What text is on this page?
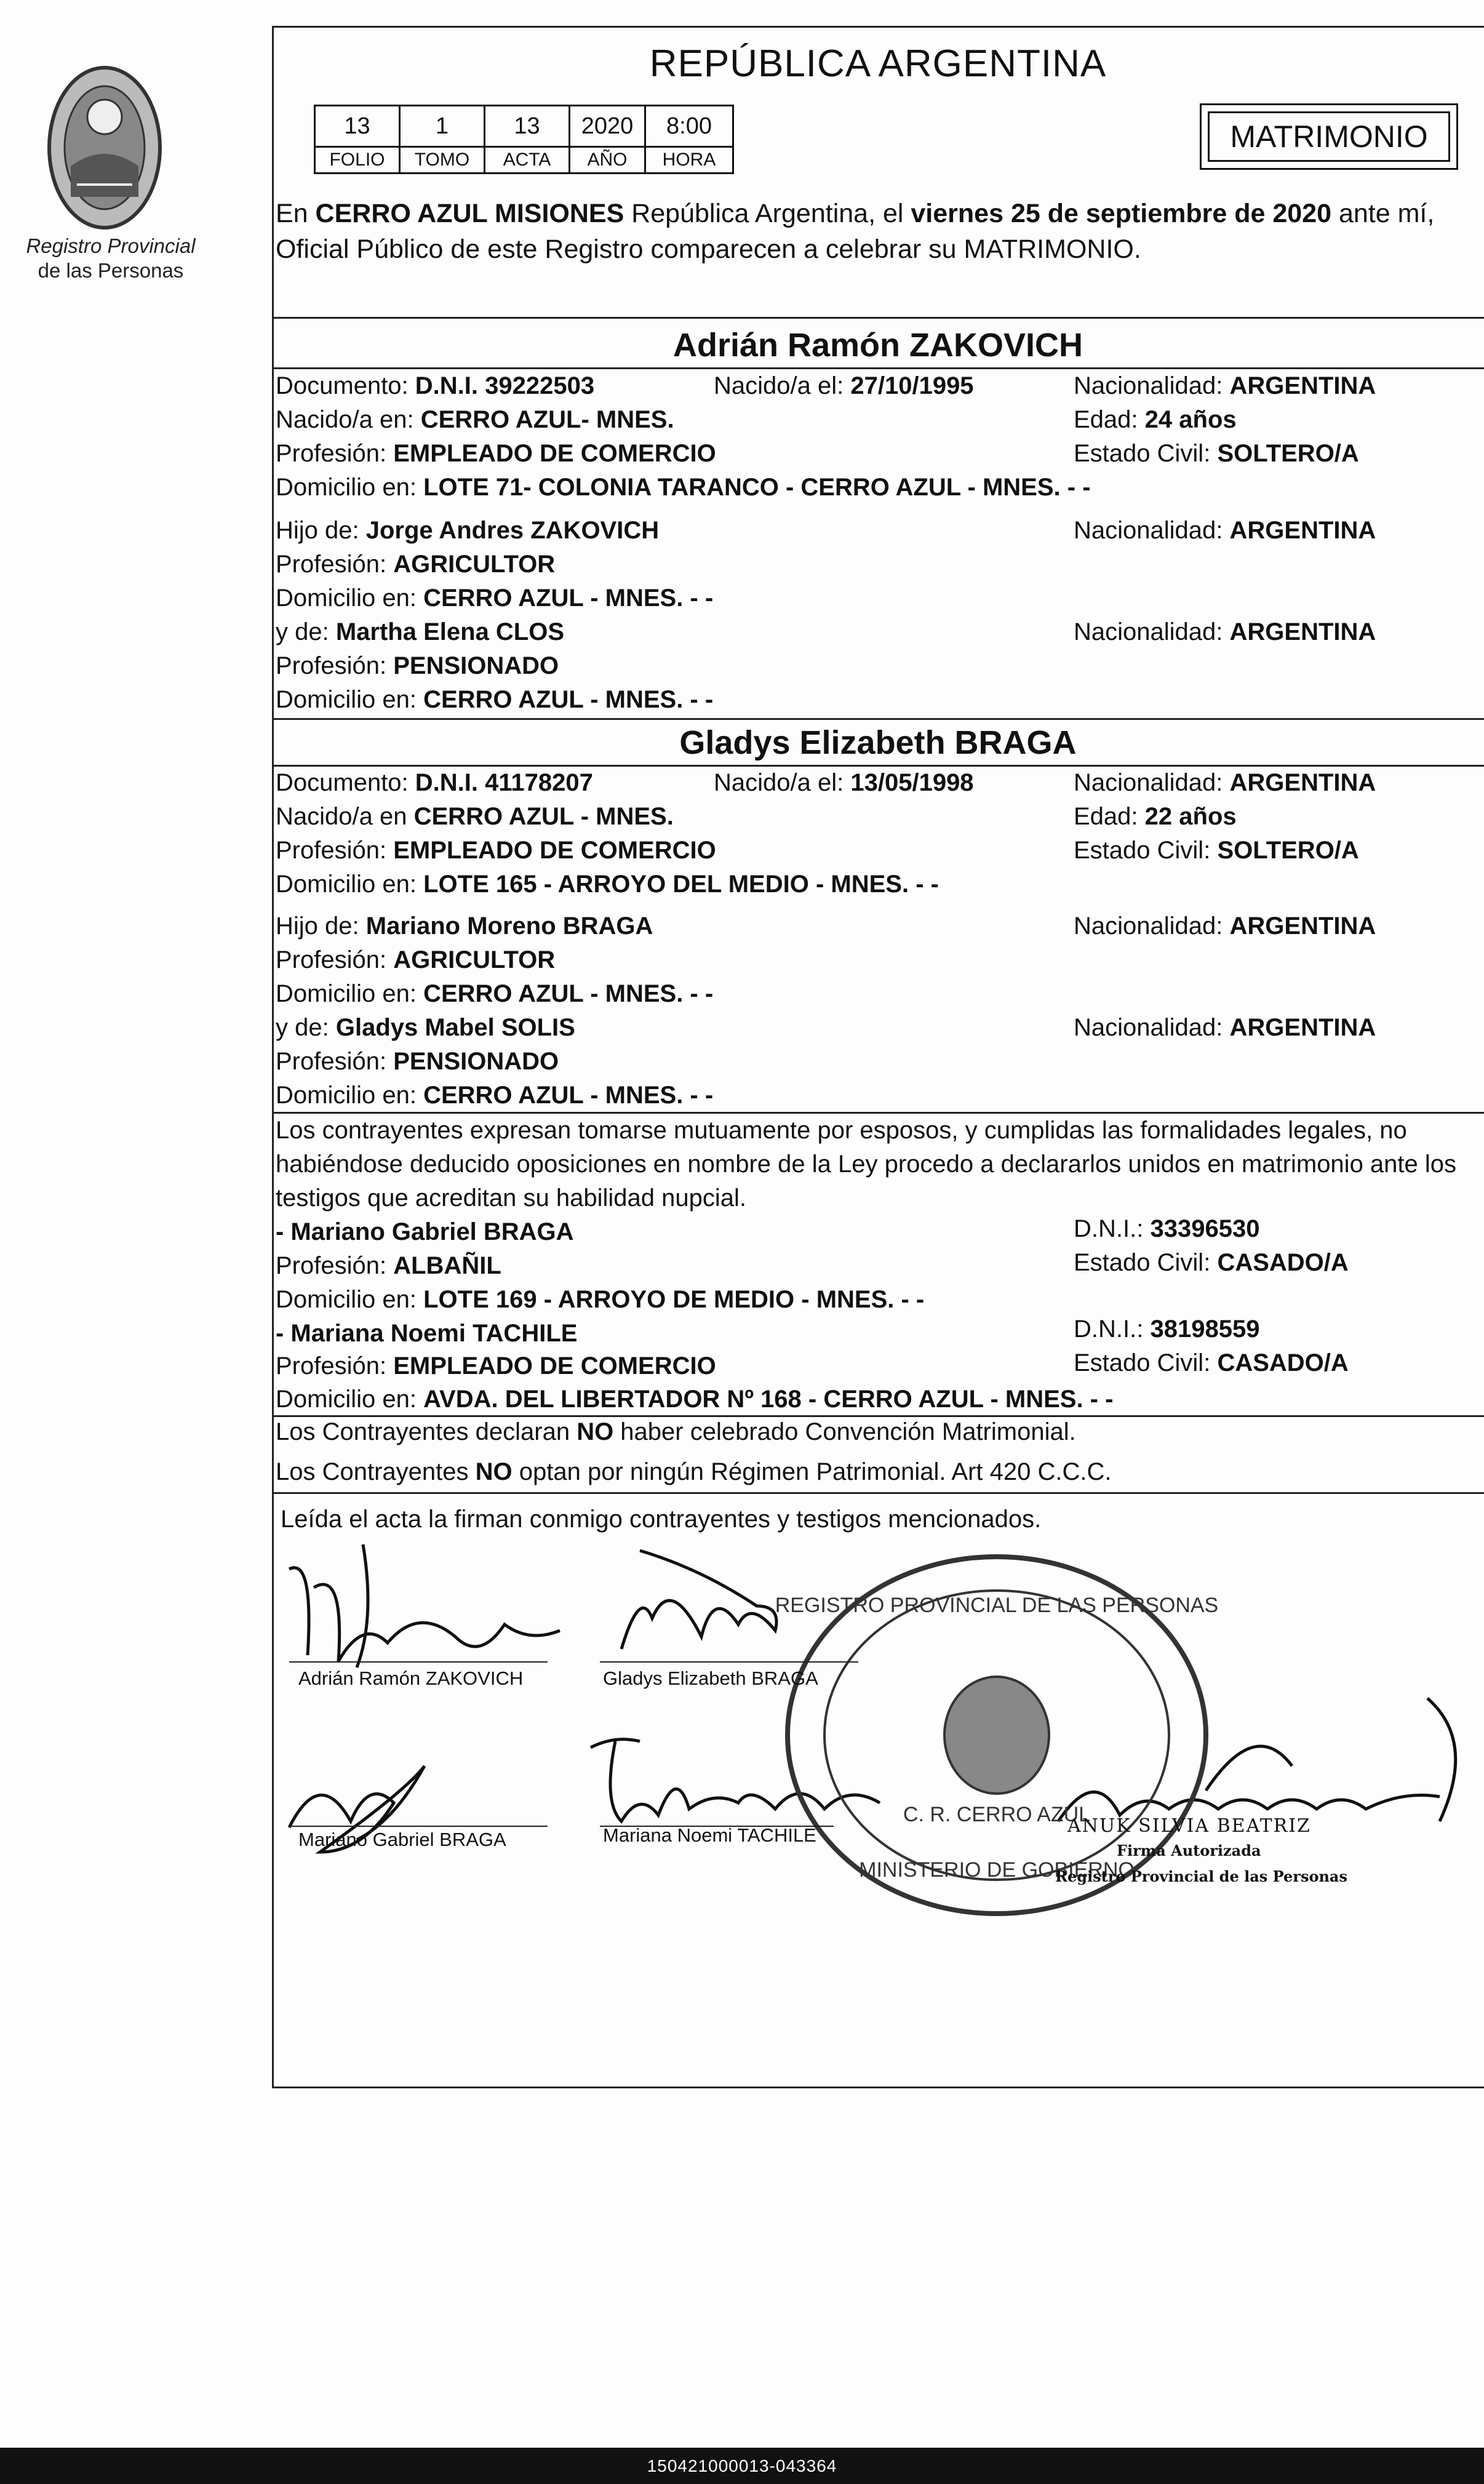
Registro Provincial
de las Personas
REPÚBLICA ARGENTINA
13	1	13	2020	8:00
FOLIO	TOMO	ACTA	AÑO	HORA
MATRIMONIO
En CERRO AZUL MISIONES República Argentina, el viernes 25 de septiembre de 2020 ante mí, Oficial Público de este Registro comparecen a celebrar su MATRIMONIO.
Adrián Ramón ZAKOVICH
Documento: D.N.I. 39222503	Nacido/a el: 27/10/1995	Nacionalidad: ARGENTINA
Nacido/a en: CERRO AZUL- MNES.	Edad: 24 años
Profesión: EMPLEADO DE COMERCIO	Estado Civil: SOLTERO/A
Domicilio en: LOTE 71- COLONIA TARANCO - CERRO AZUL - MNES. - -
Hijo de: Jorge Andres ZAKOVICH	Nacionalidad: ARGENTINA
Profesión: AGRICULTOR
Domicilio en: CERRO AZUL - MNES. - -
y de: Martha Elena CLOS	Nacionalidad: ARGENTINA
Profesión: PENSIONADO
Domicilio en: CERRO AZUL - MNES. - -
Gladys Elizabeth BRAGA
Documento: D.N.I. 41178207	Nacido/a el: 13/05/1998	Nacionalidad: ARGENTINA
Nacido/a en CERRO AZUL - MNES.	Edad: 22 años
Profesión: EMPLEADO DE COMERCIO	Estado Civil: SOLTERO/A
Domicilio en: LOTE 165 - ARROYO DEL MEDIO - MNES. - -
Hijo de: Mariano Moreno BRAGA	Nacionalidad: ARGENTINA
Profesión: AGRICULTOR
Domicilio en: CERRO AZUL - MNES. - -
y de: Gladys Mabel SOLIS	Nacionalidad: ARGENTINA
Profesión: PENSIONADO
Domicilio en: CERRO AZUL - MNES. - -
Los contrayentes expresan tomarse mutuamente por esposos, y cumplidas las formalidades legales, no habiéndose deducido oposiciones en nombre de la Ley procedo a declararlos unidos en matrimonio ante los testigos que acreditan su habilidad nupcial.
- Mariano Gabriel BRAGA	D.N.I.: 33396530
Profesión: ALBAÑIL	Estado Civil: CASADO/A
Domicilio en: LOTE 169 - ARROYO DE MEDIO - MNES. - -
- Mariana Noemi TACHILE	D.N.I.: 38198559
Profesión: EMPLEADO DE COMERCIO	Estado Civil: CASADO/A
Domicilio en: AVDA. DEL LIBERTADOR Nº 168 - CERRO AZUL - MNES. - -
Los Contrayentes declaran NO haber celebrado Convención Matrimonial.
Los Contrayentes NO optan por ningún Régimen Patrimonial. Art 420 C.C.C.
Leída el acta la firman conmigo contrayentes y testigos mencionados.
REGISTRO PROVINCIAL DE LAS PERSONAS
C. R. CERRO AZUL
MINISTERIO DE GOBIERNO
Adrián Ramón ZAKOVICH	Gladys Elizabeth BRAGA
Mariano Gabriel BRAGA	Mariana Noemi TACHILE	ANUK SILVIA BEATRIZ
Firma Autorizada
Registro Provincial de las Personas
150421000013-043364
